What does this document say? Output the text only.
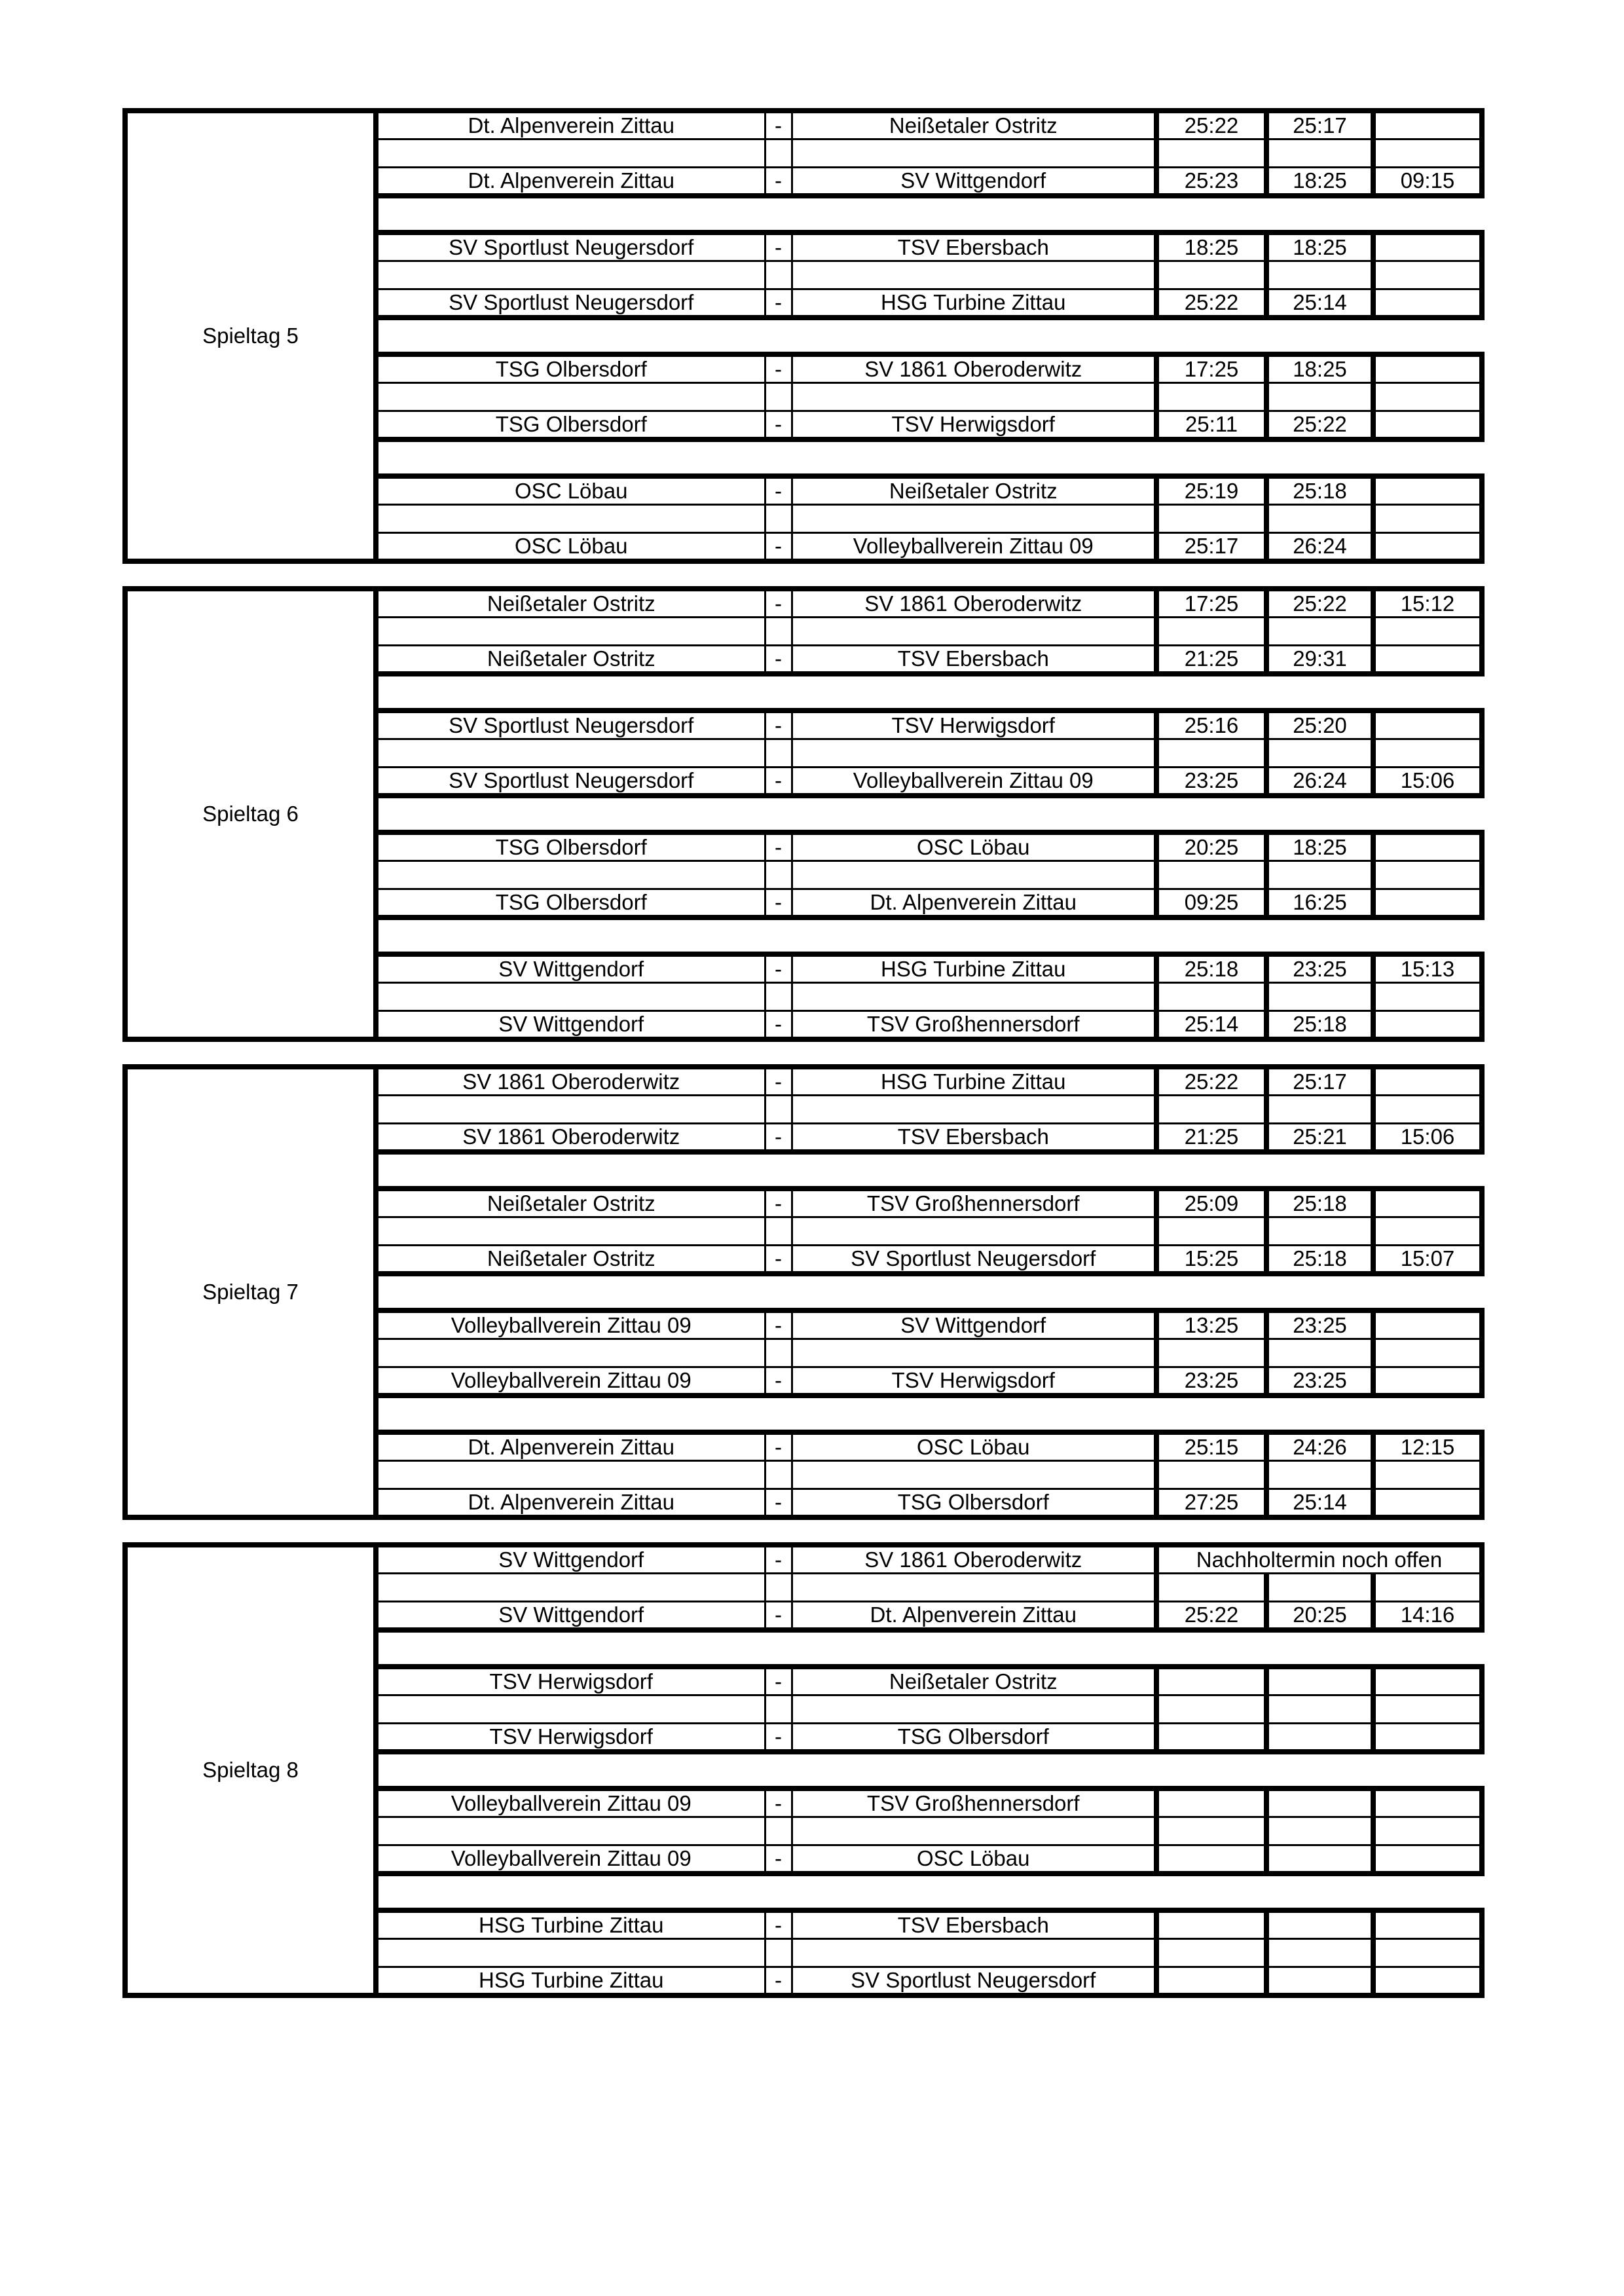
Spieltag 5
Dt. Alpenverein Zittau	-	Neißetaler Ostritz	25:22	25:17	

Dt. Alpenverein Zittau	-	SV Wittgendorf	25:23	18:25	09:15
SV Sportlust Neugersdorf	-	TSV Ebersbach	18:25	18:25	

SV Sportlust Neugersdorf	-	HSG Turbine Zittau	25:22	25:14	
TSG Olbersdorf	-	SV 1861 Oberoderwitz	17:25	18:25	

TSG Olbersdorf	-	TSV Herwigsdorf	25:11	25:22	
OSC Löbau	-	Neißetaler Ostritz	25:19	25:18	

OSC Löbau	-	Volleyballverein Zittau 09	25:17	26:24	
Spieltag 6
Neißetaler Ostritz	-	SV 1861 Oberoderwitz	17:25	25:22	15:12

Neißetaler Ostritz	-	TSV Ebersbach	21:25	29:31	
SV Sportlust Neugersdorf	-	TSV Herwigsdorf	25:16	25:20	

SV Sportlust Neugersdorf	-	Volleyballverein Zittau 09	23:25	26:24	15:06
TSG Olbersdorf	-	OSC Löbau	20:25	18:25	

TSG Olbersdorf	-	Dt. Alpenverein Zittau	09:25	16:25	
SV Wittgendorf	-	HSG Turbine Zittau	25:18	23:25	15:13

SV Wittgendorf	-	TSV Großhennersdorf	25:14	25:18	
Spieltag 7
SV 1861 Oberoderwitz	-	HSG Turbine Zittau	25:22	25:17	

SV 1861 Oberoderwitz	-	TSV Ebersbach	21:25	25:21	15:06
Neißetaler Ostritz	-	TSV Großhennersdorf	25:09	25:18	

Neißetaler Ostritz	-	SV Sportlust Neugersdorf	15:25	25:18	15:07
Volleyballverein Zittau 09	-	SV Wittgendorf	13:25	23:25	

Volleyballverein Zittau 09	-	TSV Herwigsdorf	23:25	23:25	
Dt. Alpenverein Zittau	-	OSC Löbau	25:15	24:26	12:15

Dt. Alpenverein Zittau	-	TSG Olbersdorf	27:25	25:14	
Spieltag 8
SV Wittgendorf	-	SV 1861 Oberoderwitz	Nachholtermin noch offen		

SV Wittgendorf	-	Dt. Alpenverein Zittau	25:22	20:25	14:16
TSV Herwigsdorf	-	Neißetaler Ostritz			

TSV Herwigsdorf	-	TSG Olbersdorf			
Volleyballverein Zittau 09	-	TSV Großhennersdorf			

Volleyballverein Zittau 09	-	OSC Löbau			
HSG Turbine Zittau	-	TSV Ebersbach			

HSG Turbine Zittau	-	SV Sportlust Neugersdorf			
